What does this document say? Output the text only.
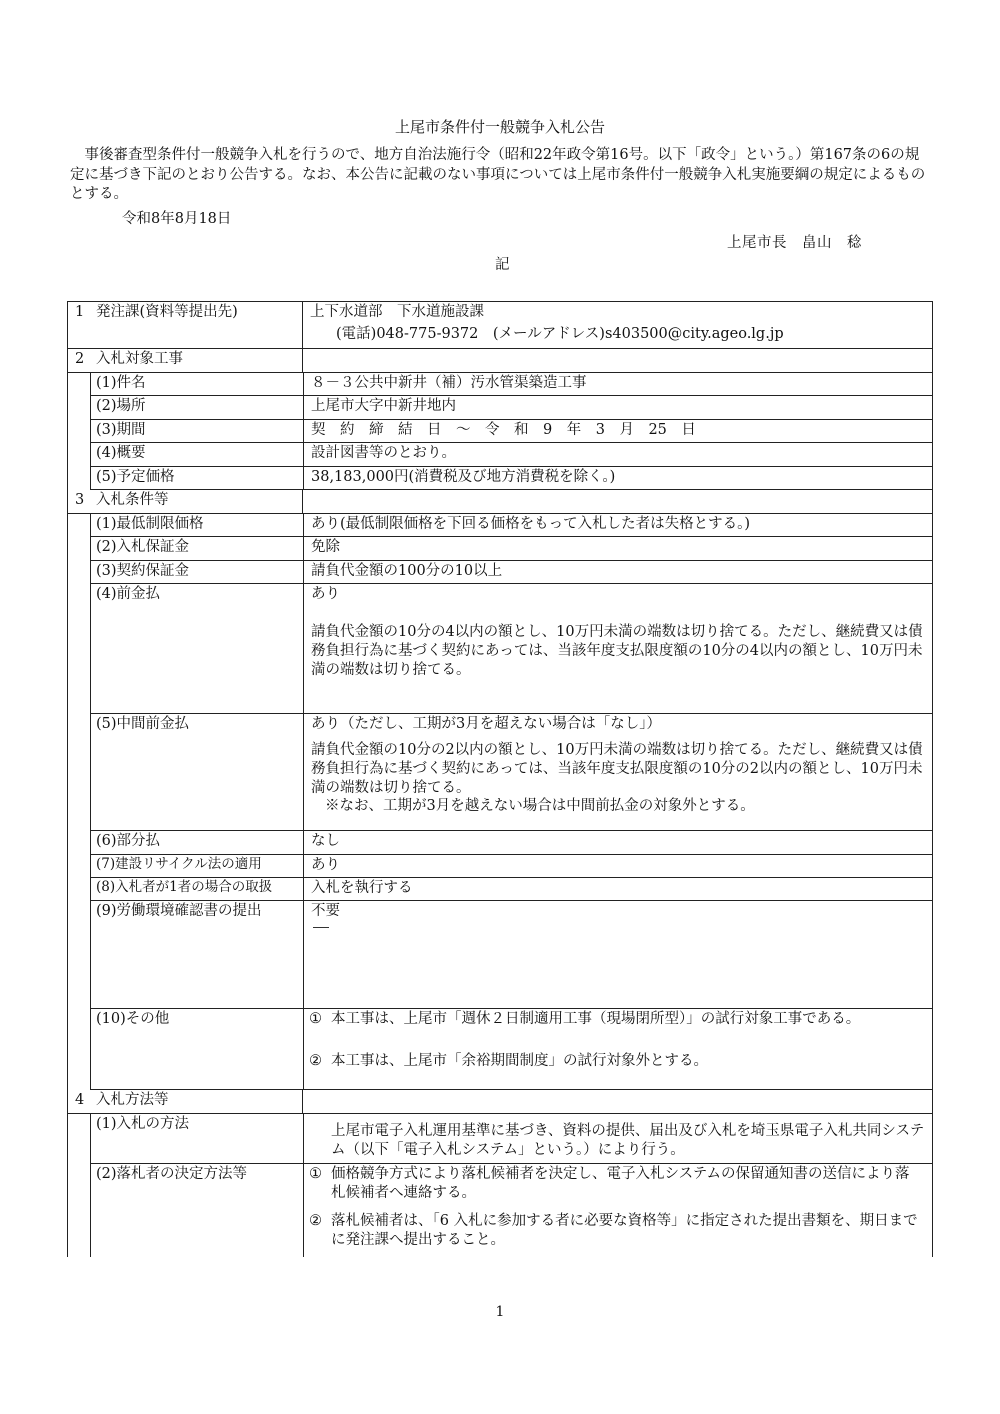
上尾市条件付一般競争入札公告

事後審査型条件付一般競争入札を行うので、地方自治法施行令（昭和22年政令第16号。以下「政令」という。）第167条の6の規定に基づき下記のとおり公告する。なお、本公告に記載のない事項については上尾市条件付一般競争入札実施要綱の規定によるものとする。

令和8年8月18日
上尾市長　畠山　稔
記
1 発注課(資料等提出先)	上下水道部　下水道施設課

(電話)048-775-9372　(メールアドレス)s403500@city.ageo.lg.jp

2 入札対象工事
(1)件名	８－３公共中新井（補）汚水管渠築造工事
(2)場所	上尾市大字中新井地内
(3)期間	契　約　締　結　日　～　令　和　9　年　3　月　25　日
(4)概要	設計図書等のとおり。
(5)予定価格	38,183,000円(消費税及び地方消費税を除く。)
3 入札条件等
(1)最低制限価格	あり(最低制限価格を下回る価格をもって入札した者は失格とする。)
(2)入札保証金	免除
(3)契約保証金	請負代金額の100分の10以上
(4)前金払	あり

請負代金額の10分の4以内の額とし、10万円未満の端数は切り捨てる。ただし、継続費又は債務負担行為に基づく契約にあっては、当該年度支払限度額の10分の4以内の額とし、10万円未満の端数は切り捨てる。

(5)中間前金払	あり（ただし、工期が3月を超えない場合は「なし」）

請負代金額の10分の2以内の額とし、10万円未満の端数は切り捨てる。ただし、継続費又は債務負担行為に基づく契約にあっては、当該年度支払限度額の10分の2以内の額とし、10万円未満の端数は切り捨てる。

※なお、工期が3月を越えない場合は中間前払金の対象外とする。

(6)部分払	なし
(7)建設リサイクル法の適用	あり
(8)入札者が1者の場合の取扱	入札を執行する
(9)労働環境確認書の提出	不要

(10)その他	① 本工事は、上尾市「週休２日制適用工事（現場閉所型）」の試行対象工事である。
② 本工事は、上尾市「余裕期間制度」の試行対象外とする。
4 入札方法等
(1)入札の方法	上尾市電子入札運用基準に基づき、資料の提供、届出及び入札を埼玉県電子入札共同システム（以下「電子入札システム」という。）により行う。
(2)落札者の決定方法等	① 価格競争方式により落札候補者を決定し、電子入札システムの保留通知書の送信により落札候補者へ連絡する。
② 落札候補者は、「6 入札に参加する者に必要な資格等」に指定された提出書類を、期日までに発注課へ提出すること。
1
